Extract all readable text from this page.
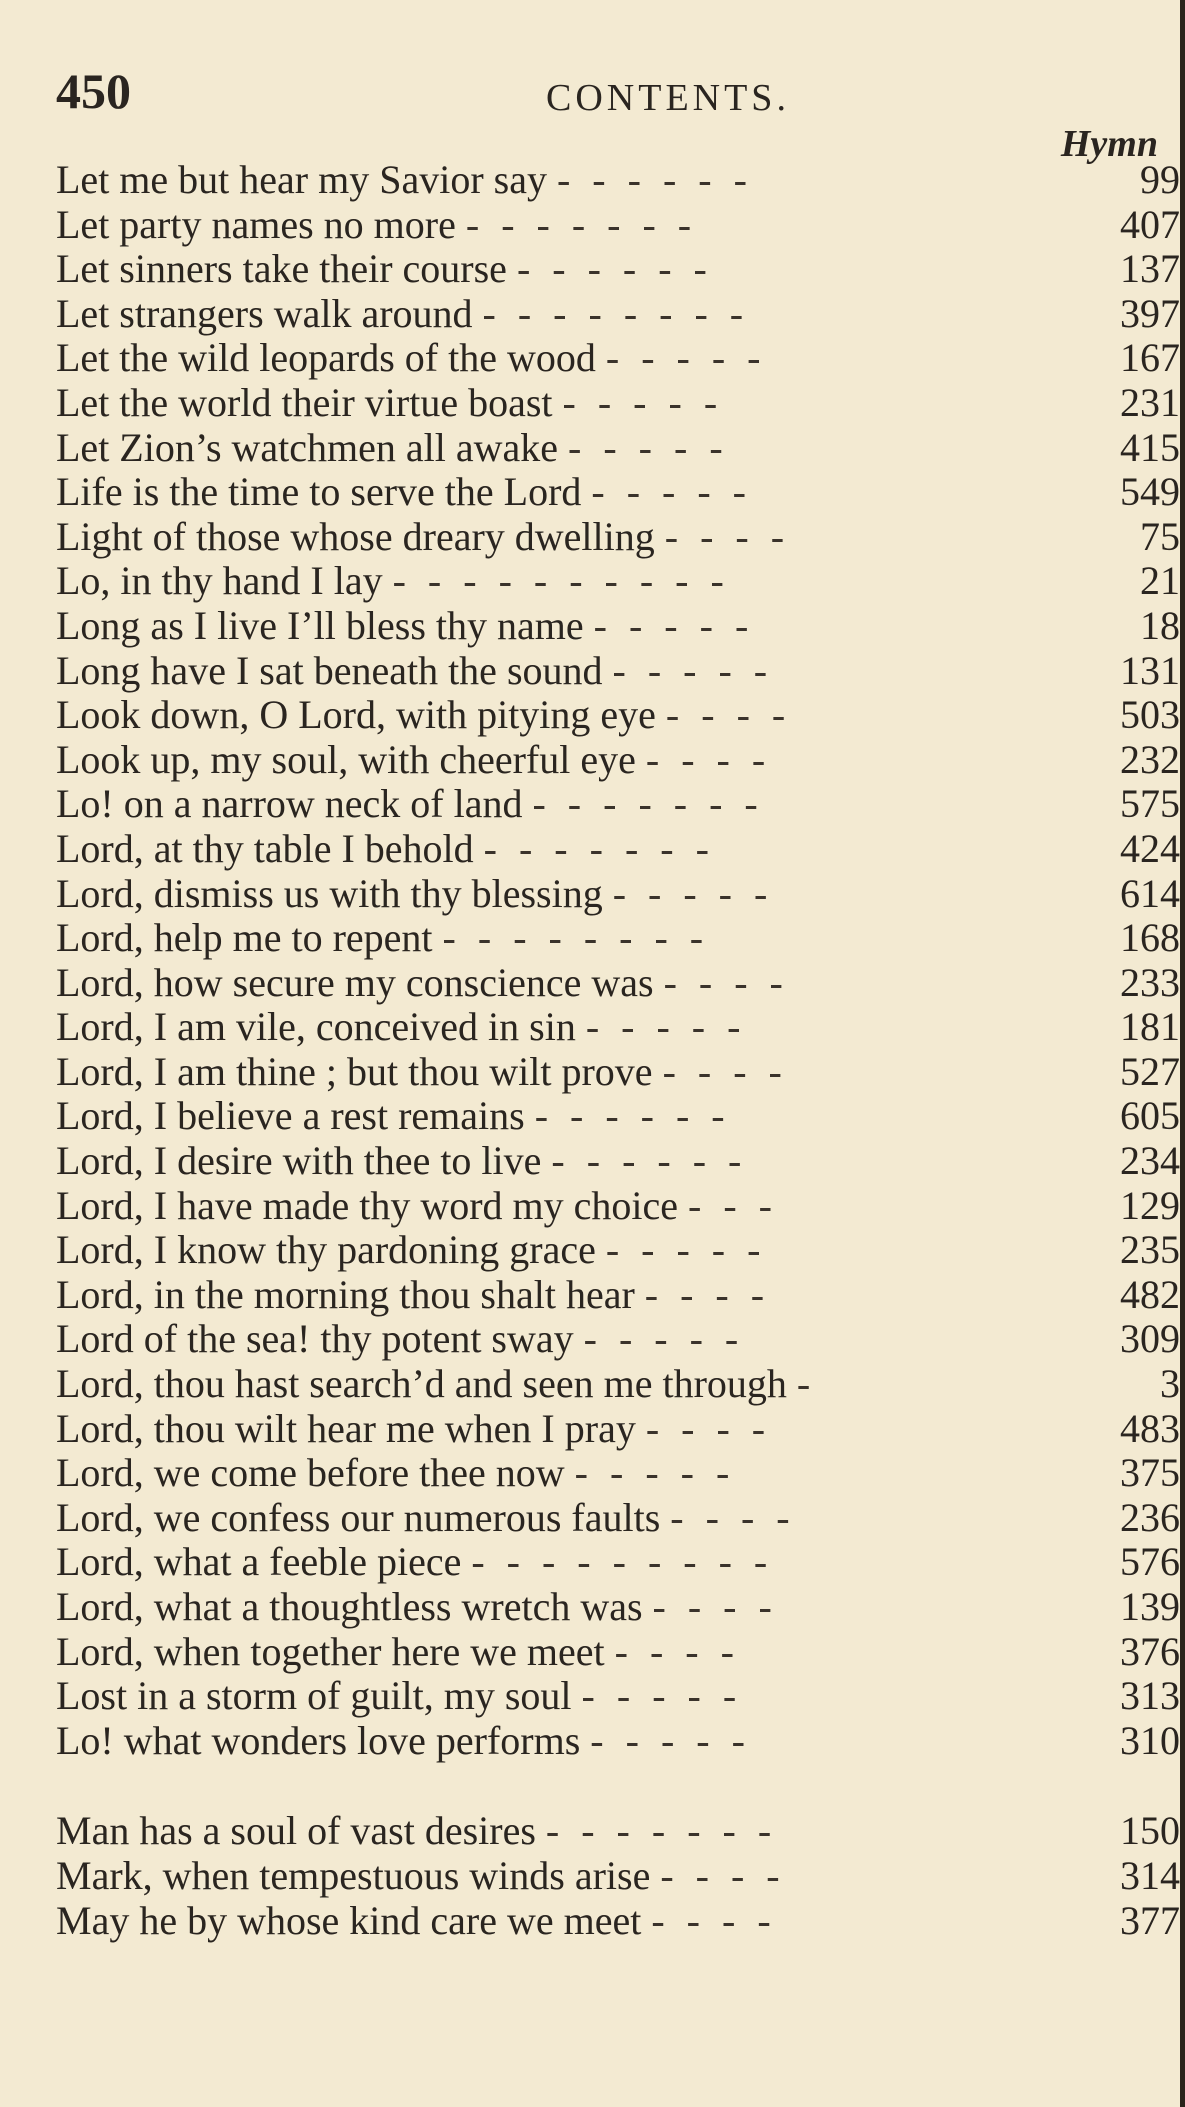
450	CONTENTS.
Hymn
Let me but hear my Savior say - - - - - -	99
Let party names no more - - - - - - -	407
Let sinners take their course - - - - - -	137
Let strangers walk around - - - - - - - -	397
Let the wild leopards of the wood - - - - -	167
Let the world their virtue boast - - - - -	231
Let Zion’s watchmen all awake - - - - -	415
Life is the time to serve the Lord - - - - -	549
Light of those whose dreary dwelling - - - -	75
Lo, in thy hand I lay - - - - - - - - - -	21
Long as I live I’ll bless thy name - - - - -	18
Long have I sat beneath the sound - - - - -	131
Look down, O Lord, with pitying eye - - - -	503
Look up, my soul, with cheerful eye - - - -	232
Lo! on a narrow neck of land - - - - - - -	575
Lord, at thy table I behold - - - - - - -	424
Lord, dismiss us with thy blessing - - - - -	614
Lord, help me to repent - - - - - - - -	168
Lord, how secure my conscience was - - - -	233
Lord, I am vile, conceived in sin - - - - -	181
Lord, I am thine ; but thou wilt prove - - - -	527
Lord, I believe a rest remains - - - - - -	605
Lord, I desire with thee to live - - - - - -	234
Lord, I have made thy word my choice - - -	129
Lord, I know thy pardoning grace - - - - -	235
Lord, in the morning thou shalt hear - - - -	482
Lord of the sea! thy potent sway - - - - -	309
Lord, thou hast search’d and seen me through -	3
Lord, thou wilt hear me when I pray - - - -	483
Lord, we come before thee now - - - - -	375
Lord, we confess our numerous faults - - - -	236
Lord, what a feeble piece - - - - - - - - -	576
Lord, what a thoughtless wretch was - - - -	139
Lord, when together here we meet - - - -	376
Lost in a storm of guilt, my soul - - - - -	313
Lo! what wonders love performs - - - - -	310
Man has a soul of vast desires - - - - - - -	150
Mark, when tempestuous winds arise - - - -	314
May he by whose kind care we meet - - - -	377
